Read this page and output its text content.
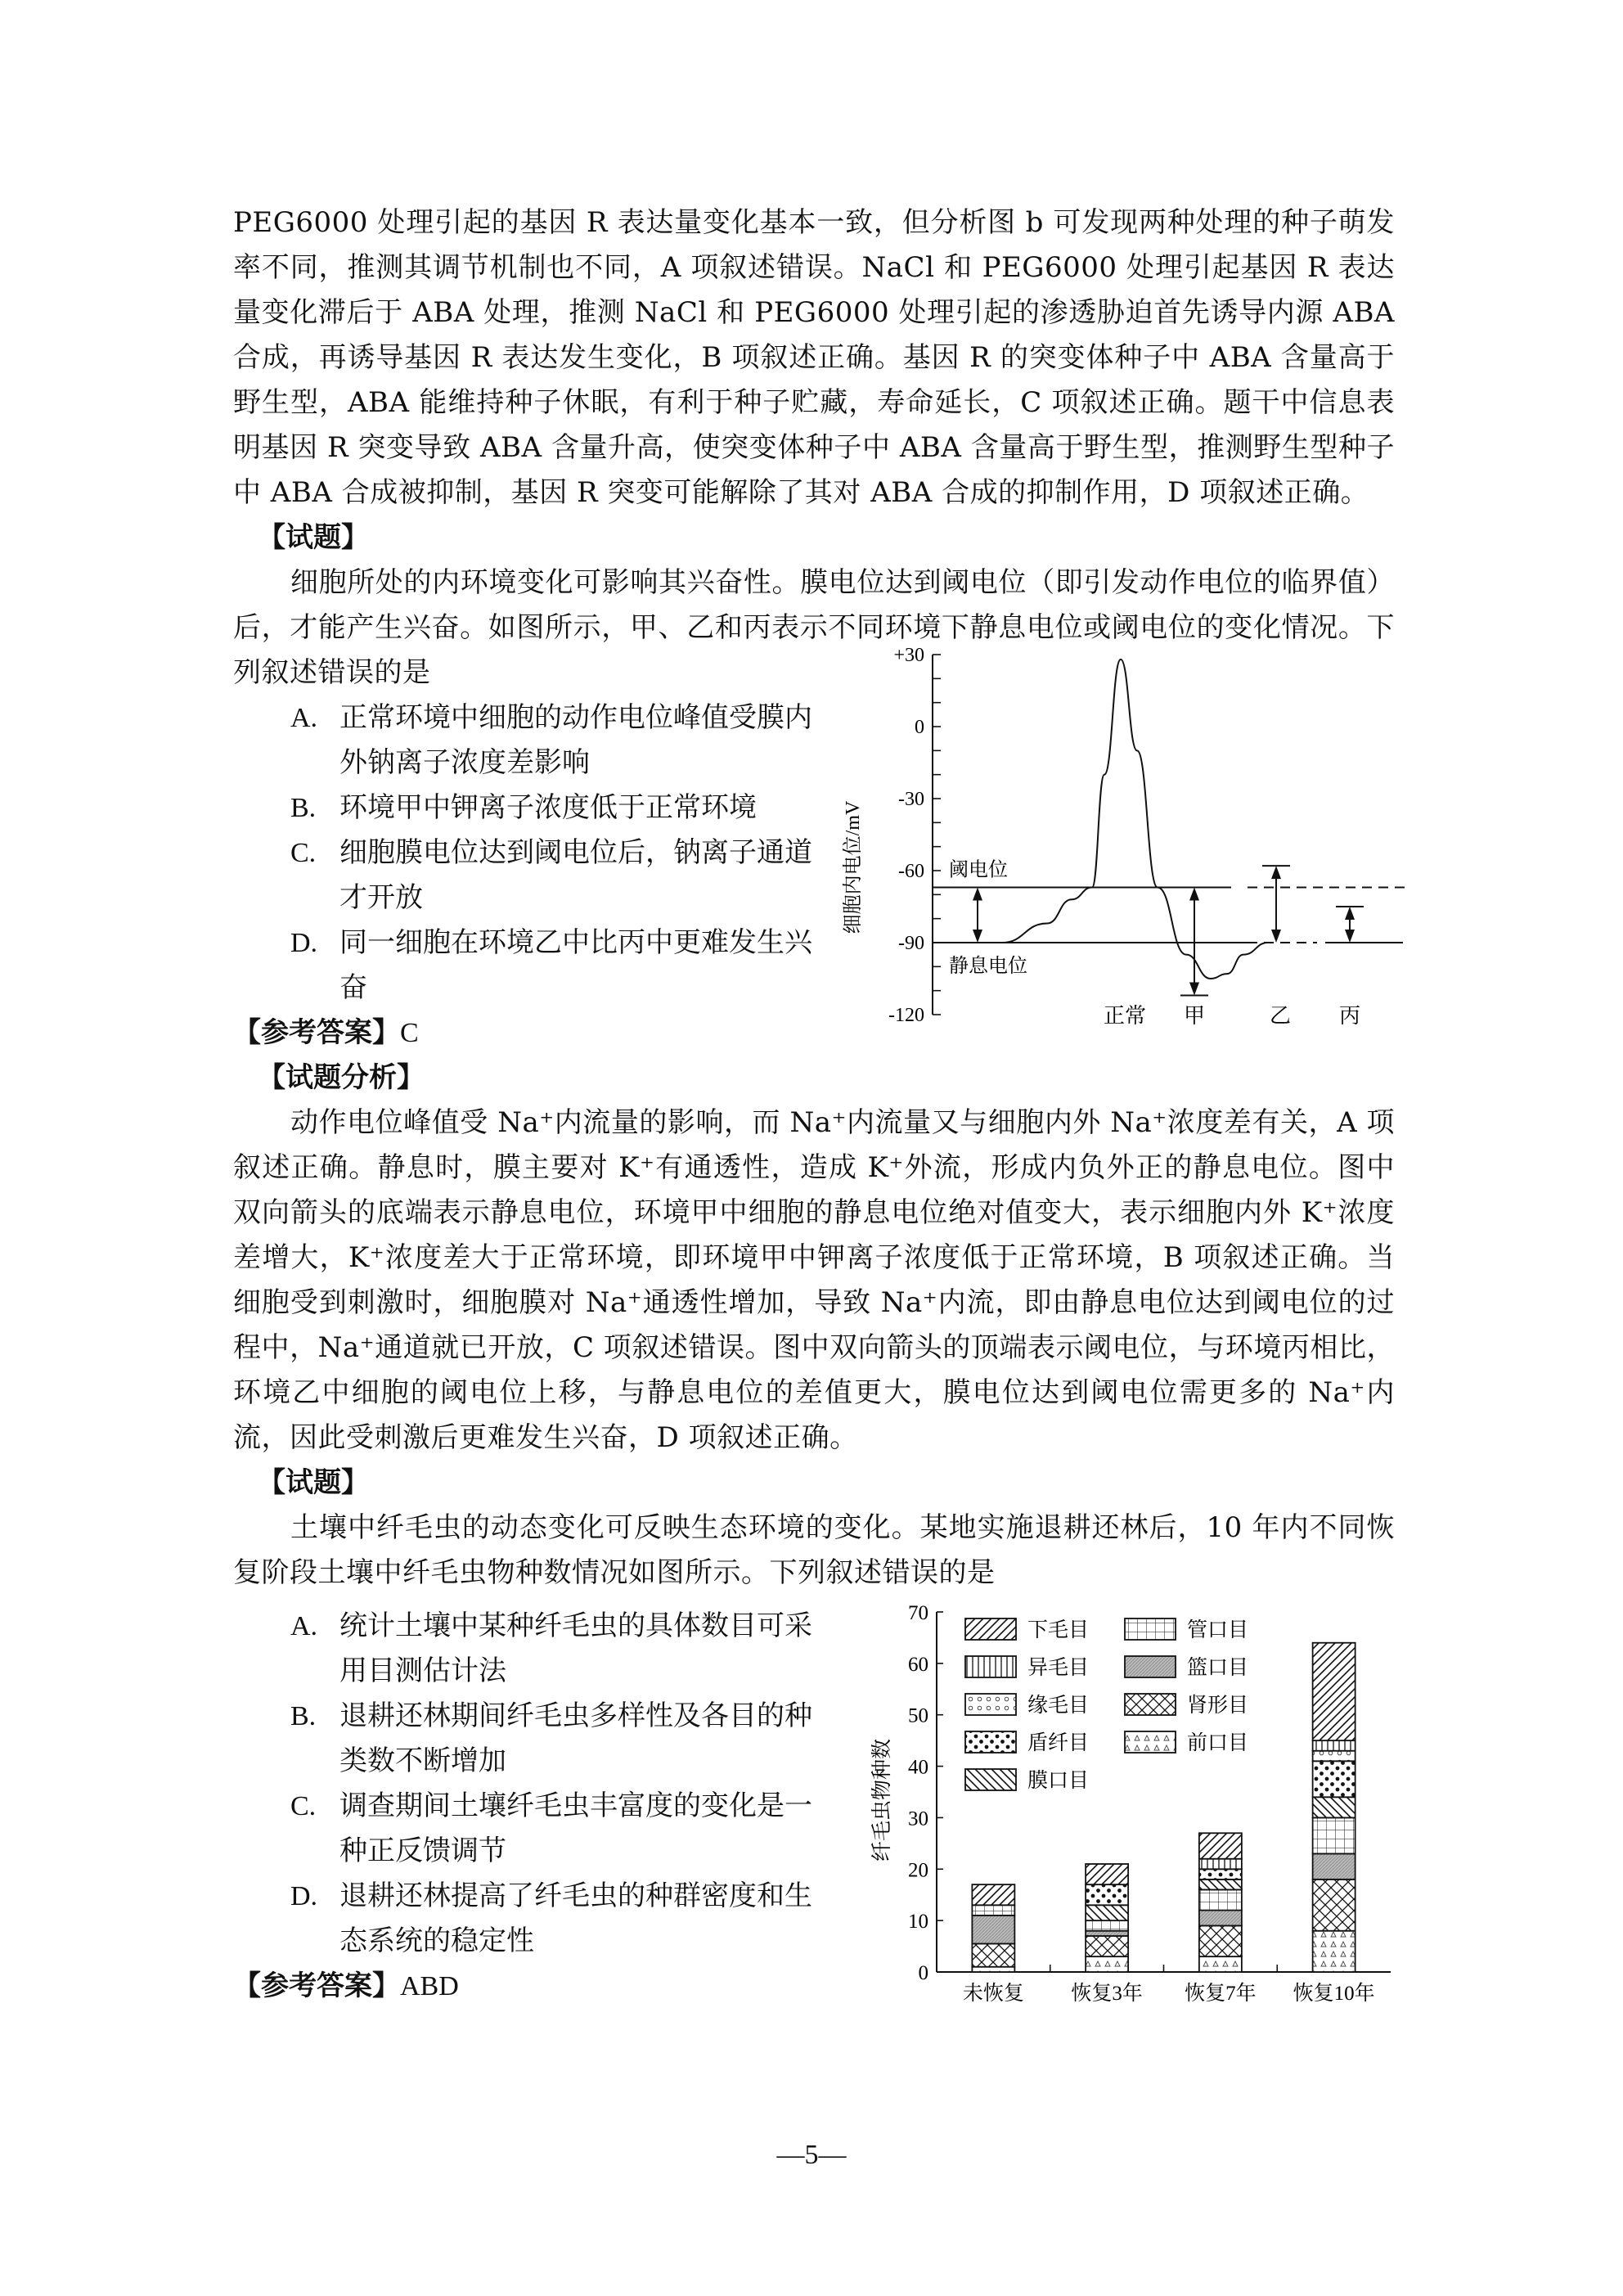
PEG6000 处理引起的基因 R 表达量变化基本一致，但分析图 b 可发现两种处理的种子萌发率不同，推测其调节机制也不同，A 项叙述错误。NaCl 和 PEG6000 处理引起基因 R 表达量变化滞后于 ABA 处理，推测 NaCl 和 PEG6000 处理引起的渗透胁迫首先诱导内源 ABA 合成，再诱导基因 R 表达发生变化，B 项叙述正确。基因 R 的突变体种子中 ABA 含量高于野生型，ABA 能维持种子休眠，有利于种子贮藏，寿命延长，C 项叙述正确。题干中信息表明基因 R 突变导致 ABA 含量升高，使突变体种子中 ABA 含量高于野生型，推测野生型种子中 ABA 合成被抑制，基因 R 突变可能解除了其对 ABA 合成的抑制作用，D 项叙述正确。

【试题】

细胞所处的内环境变化可影响其兴奋性。膜电位达到阈电位（即引发动作电位的临界值）后，才能产生兴奋。如图所示，甲、乙和丙表示不同环境下静息电位或阈电位的变化情况。下列叙述错误的是

A. 正常环境中细胞的动作电位峰值受膜内外钠离子浓度差影响

B. 环境甲中钾离子浓度低于正常环境

C. 细胞膜电位达到阈电位后，钠离子通道才开放

D. 同一细胞在环境乙中比丙中更难发生兴奋

【参考答案】C

+30
0
-30
-60
-90
-120
细胞内电位/mV	阈电位
静息电位
正常 甲	乙 丙

【试题分析】

动作电位峰值受 Na⁺内流量的影响，而 Na⁺内流量又与细胞内外 Na⁺浓度差有关，A 项叙述正确。静息时，膜主要对 K⁺有通透性，造成 K⁺外流，形成内负外正的静息电位。图中双向箭头的底端表示静息电位，环境甲中细胞的静息电位绝对值变大，表示细胞内外 K⁺浓度差增大，K⁺浓度差大于正常环境，即环境甲中钾离子浓度低于正常环境，B 项叙述正确。当细胞受到刺激时，细胞膜对 Na⁺通透性增加，导致 Na⁺内流，即由静息电位达到阈电位的过程中，Na⁺通道就已开放，C 项叙述错误。图中双向箭头的顶端表示阈电位，与环境丙相比，环境乙中细胞的阈电位上移，与静息电位的差值更大，膜电位达到阈电位需更多的 Na⁺内流，因此受刺激后更难发生兴奋，D 项叙述正确。

【试题】

土壤中纤毛虫的动态变化可反映生态环境的变化。某地实施退耕还林后，10 年内不同恢复阶段土壤中纤毛虫物种数情况如图所示。下列叙述错误的是

A. 统计土壤中某种纤毛虫的具体数目可采用目测估计法

B. 退耕还林期间纤毛虫多样性及各目的种类数不断增加

C. 调查期间土壤纤毛虫丰富度的变化是一种正反馈调节

D. 退耕还林提高了纤毛虫的种群密度和生态系统的稳定性

【参考答案】ABD	0
10
20
30
40
50
60
70
纤毛虫物种数
未恢复 恢复3年 恢复7年 恢复10年
下毛目	管口目
异毛目	篮口目
缘毛目	肾形目
盾纤目	前口目
膜口目
—5—
